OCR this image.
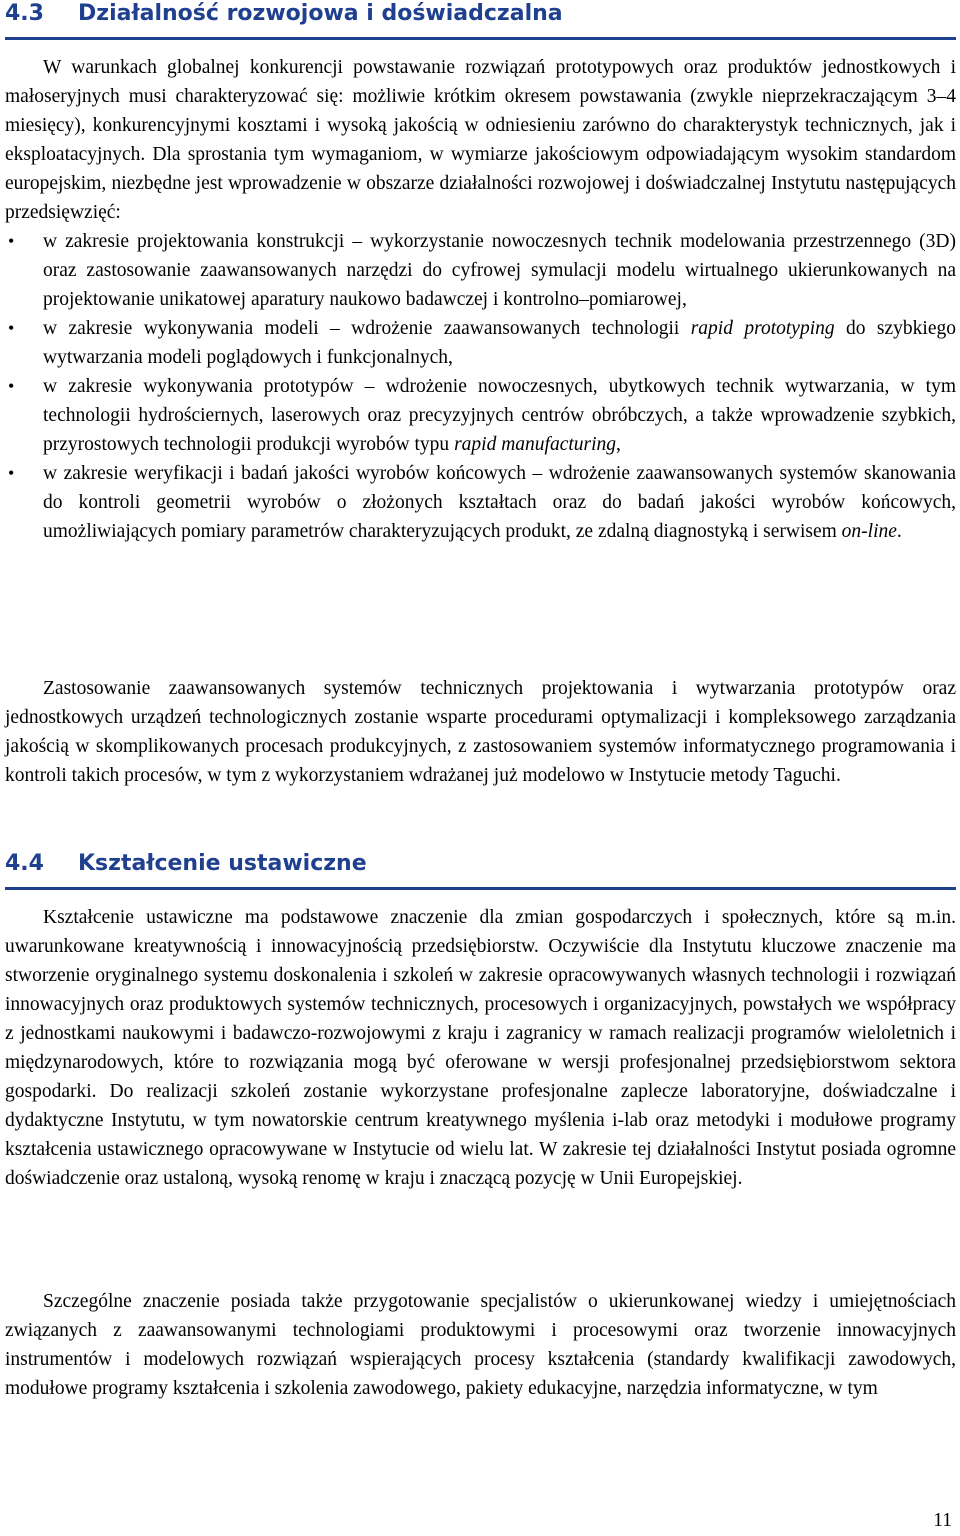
4.3	Działalność rozwojowa i doświadczalna

W warunkach globalnej konkurencji powstawanie rozwiązań prototypowych oraz produktów jednostkowych i małoseryjnych musi charakteryzować się: możliwie krótkim okresem powstawania (zwykle nieprzekraczającym 3–4 miesięcy), konkurencyjnymi kosztami i wysoką jakością w odniesieniu zarówno do charakterystyk technicznych, jak i eksploatacyjnych. Dla sprostania tym wymaganiom, w wymiarze jakościowym odpowiadającym wysokim standardom europejskim, niezbędne jest wprowadzenie w obszarze działalności rozwojowej i doświadczalnej Instytutu następujących przedsięwzięć:

• w zakresie projektowania konstrukcji – wykorzystanie nowoczesnych technik modelowania przestrzennego (3D) oraz zastosowanie zaawansowanych narzędzi do cyfrowej symulacji modelu wirtualnego ukierunkowanych na projektowanie unikatowej aparatury naukowo badawczej i kontrolno–pomiarowej,
• w zakresie wykonywania modeli – wdrożenie zaawansowanych technologii rapid prototyping do szybkiego wytwarzania modeli poglądowych i funkcjonalnych,
• w zakresie wykonywania prototypów – wdrożenie nowoczesnych, ubytkowych technik wytwarzania, w tym technologii hydrościernych, laserowych oraz precyzyjnych centrów obróbczych, a także wprowadzenie szybkich, przyrostowych technologii produkcji wyrobów typu rapid manufacturing,
• w zakresie weryfikacji i badań jakości wyrobów końcowych – wdrożenie zaawansowanych systemów skanowania do kontroli geometrii wyrobów o złożonych kształtach oraz do badań jakości wyrobów końcowych, umożliwiających pomiary parametrów charakteryzujących produkt, ze zdalną diagnostyką i serwisem on-line.

Zastosowanie zaawansowanych systemów technicznych projektowania i wytwarzania prototypów oraz jednostkowych urządzeń technologicznych zostanie wsparte procedurami optymalizacji i kompleksowego zarządzania jakością w skomplikowanych procesach produkcyjnych, z zastosowaniem systemów informatycznego programowania i kontroli takich procesów, w tym z wykorzystaniem wdrażanej już modelowo w Instytucie metody Taguchi.

4.4	Kształcenie ustawiczne

Kształcenie ustawiczne ma podstawowe znaczenie dla zmian gospodarczych i społecznych, które są m.in. uwarunkowane kreatywnością i innowacyjnością przedsiębiorstw. Oczywiście dla Instytutu kluczowe znaczenie ma stworzenie oryginalnego systemu doskonalenia i szkoleń w zakresie opracowywanych własnych technologii i rozwiązań innowacyjnych oraz produktowych systemów technicznych, procesowych i organizacyjnych, powstałych we współpracy z jednostkami naukowymi i badawczo-rozwojowymi z kraju i zagranicy w ramach realizacji programów wieloletnich i międzynarodowych, które to rozwiązania mogą być oferowane w wersji profesjonalnej przedsiębiorstwom sektora gospodarki. Do realizacji szkoleń zostanie wykorzystane profesjonalne zaplecze laboratoryjne, doświadczalne i dydaktyczne Instytutu, w tym nowatorskie centrum kreatywnego myślenia i-lab oraz metodyki i modułowe programy kształcenia ustawicznego opracowywane w Instytucie od wielu lat. W zakresie tej działalności Instytut posiada ogromne doświadczenie oraz ustaloną, wysoką renomę w kraju i znaczącą pozycję w Unii Europejskiej.

Szczególne znaczenie posiada także przygotowanie specjalistów o ukierunkowanej wiedzy i umiejętnościach związanych z zaawansowanymi technologiami produktowymi i procesowymi oraz tworzenie innowacyjnych instrumentów i modelowych rozwiązań wspierających procesy kształcenia (standardy kwalifikacji zawodowych, modułowe programy kształcenia i szkolenia zawodowego, pakiety edukacyjne, narzędzia informatyczne, w tym

11
